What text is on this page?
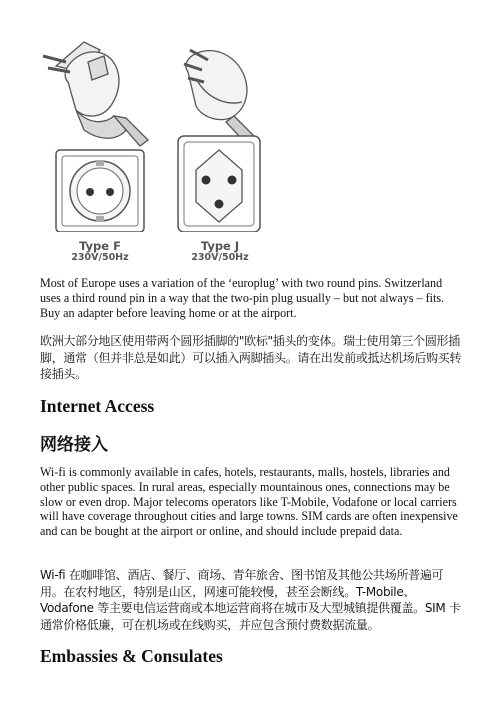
Type F
230V/50Hz
Type J
230V/50Hz

Most of Europe uses a variation of the ‘europlug’ with two round pins. Switzerland uses a third round pin in a way that the two-pin plug usually – but not always – fits. Buy an adapter before leaving home or at the airport.

欧洲大部分地区使用带两个圆形插脚的"欧标"插头的变体。瑞士使用第三个圆形插脚，通常（但并非总是如此）可以插入两脚插头。请在出发前或抵达机场后购买转接插头。

Internet Access
网络接入

Wi-fi is commonly available in cafes, hotels, restaurants, malls, hostels, libraries and other public spaces. In rural areas, especially mountainous ones, connections may be slow or even drop. Major telecoms operators like T-Mobile, Vodafone or local carriers will have coverage throughout cities and large towns. SIM cards are often inexpensive and can be bought at the airport or online, and should include prepaid data.

Wi-fi 在咖啡馆、酒店、餐厅、商场、青年旅舍、图书馆及其他公共场所普遍可用。在农村地区，特别是山区，网速可能较慢，甚至会断线。T-Mobile、Vodafone 等主要电信运营商或本地运营商将在城市及大型城镇提供覆盖。SIM 卡通常价格低廉，可在机场或在线购买，并应包含预付费数据流量。

Embassies & Consulates
